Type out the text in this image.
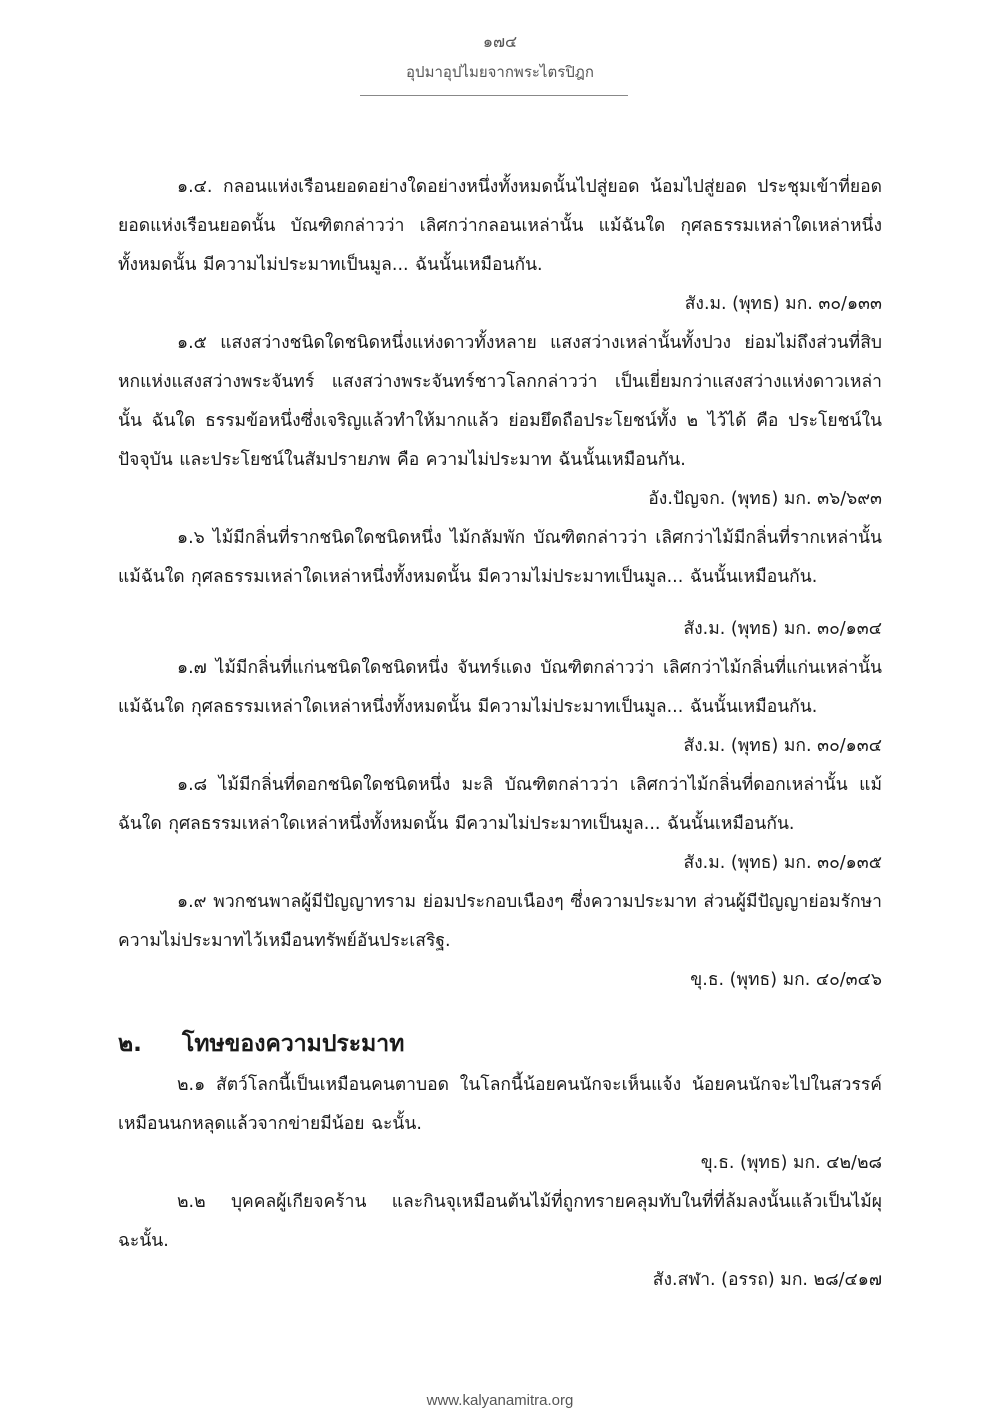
๑๗๔
อุปมาอุปไมยจากพระไตรปิฎก

๑.๔. กลอนแห่งเรือนยอดอย่างใดอย่างหนึ่งทั้งหมดนั้นไปสู่ยอด น้อมไปสู่ยอด ประชุมเข้าที่ยอด ยอดแห่งเรือนยอดนั้น บัณฑิตกล่าวว่า เลิศกว่ากลอนเหล่านั้น แม้ฉันใด กุศลธรรมเหล่าใดเหล่าหนึ่ง ทั้งหมดนั้น มีความไม่ประมาทเป็นมูล... ฉันนั้นเหมือนกัน.

สัง.ม. (พุทธ) มก. ๓๐/๑๓๓

๑.๕ แสงสว่างชนิดใดชนิดหนึ่งแห่งดาวทั้งหลาย แสงสว่างเหล่านั้นทั้งปวง ย่อมไม่ถึงส่วนที่สิบหกแห่งแสงสว่างพระจันทร์ แสงสว่างพระจันทร์ชาวโลกกล่าวว่า เป็นเยี่ยมกว่าแสงสว่างแห่งดาวเหล่านั้น ฉันใด ธรรมข้อหนึ่งซึ่งเจริญแล้วทำให้มากแล้ว ย่อมยึดถือประโยชน์ทั้ง ๒ ไว้ได้ คือ ประโยชน์ในปัจจุบัน และประโยชน์ในสัมปรายภพ คือ ความไม่ประมาท ฉันนั้นเหมือนกัน.

อัง.ปัญจก. (พุทธ) มก. ๓๖/๖๙๓

๑.๖ ไม้มีกลิ่นที่รากชนิดใดชนิดหนึ่ง ไม้กลัมพัก บัณฑิตกล่าวว่า เลิศกว่าไม้มีกลิ่นที่รากเหล่านั้น แม้ฉันใด กุศลธรรมเหล่าใดเหล่าหนึ่งทั้งหมดนั้น มีความไม่ประมาทเป็นมูล... ฉันนั้นเหมือนกัน.

สัง.ม. (พุทธ) มก. ๓๐/๑๓๔

๑.๗ ไม้มีกลิ่นที่แก่นชนิดใดชนิดหนึ่ง จันทร์แดง บัณฑิตกล่าวว่า เลิศกว่าไม้กลิ่นที่แก่นเหล่านั้น แม้ฉันใด กุศลธรรมเหล่าใดเหล่าหนึ่งทั้งหมดนั้น มีความไม่ประมาทเป็นมูล... ฉันนั้นเหมือนกัน.

สัง.ม. (พุทธ) มก. ๓๐/๑๓๔

๑.๘ ไม้มีกลิ่นที่ดอกชนิดใดชนิดหนึ่ง มะลิ บัณฑิตกล่าวว่า เลิศกว่าไม้กลิ่นที่ดอกเหล่านั้น แม้ฉันใด กุศลธรรมเหล่าใดเหล่าหนึ่งทั้งหมดนั้น มีความไม่ประมาทเป็นมูล... ฉันนั้นเหมือนกัน.

สัง.ม. (พุทธ) มก. ๓๐/๑๓๕

๑.๙ พวกชนพาลผู้มีปัญญาทราม ย่อมประกอบเนืองๆ ซึ่งความประมาท ส่วนผู้มีปัญญาย่อมรักษาความไม่ประมาทไว้เหมือนทรัพย์อันประเสริฐ.

ขุ.ธ. (พุทธ) มก. ๔๐/๓๔๖

๒.	โทษของความประมาท

๒.๑ สัตว์โลกนี้เป็นเหมือนคนตาบอด ในโลกนี้น้อยคนนักจะเห็นแจ้ง น้อยคนนักจะไปในสวรรค์เหมือนนกหลุดแล้วจากข่ายมีน้อย ฉะนั้น.

ขุ.ธ. (พุทธ) มก. ๔๒/๒๘

๒.๒ บุคคลผู้เกียจคร้าน และกินจุเหมือนต้นไม้ที่ถูกทรายคลุมทับในที่ที่ล้มลงนั้นแล้วเป็นไม้ผุ ฉะนั้น.

สัง.สฬา. (อรรถ) มก. ๒๘/๔๑๗

www.kalyanamitra.org
